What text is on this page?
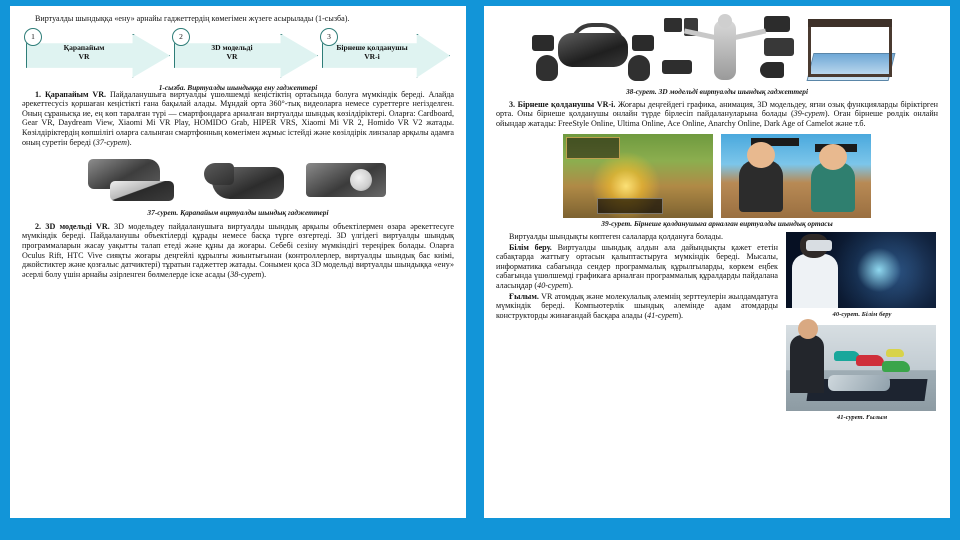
Виртуалды шындыққа «ену» арнайы гаджеттердің көмегімен жүзеге асырылады (1-сызба).

1
Қарапайым
VR
2
3D модельді
VR
3
Бірнеше қолданушы
VR-i
1-сызба. Виртуалды шындыққа ену гаджеттері

1. Қарапайым VR. Пайдаланушыға виртуалды үшөлшемді кеңістіктің ортасында болуға мүмкіндік береді. Алайда әрекеттесусіз қоршаған кеңістікті ғана бақылай алады. Мұндай орта 360°-тық видеоларға немесе суреттерге негізделген. Оның сұранысқа ие, ең көп таралған түрі — смартфондарға арналған виртуалды шындық көзілдіріктері. Оларға: Cardboard, Gear VR, Daydream View, Xiaomi Mi VR Play, HOMIDO Grab, HIPER VRS, Xiaomi Mi VR 2, Homido VR V2 жатады. Көзілдіріктердің көпшілігі оларға салынған смартфонның көмегімен жұмыс істейді және көзілдірік линзалар арқылы адамға оның суретін береді (37-сурет).

37-сурет. Қарапайым виртуалды шындық гаджеттері

2. 3D модельді VR. 3D модельдеу пайдаланушыға виртуалды шындық арқылы объектілермен өзара әрекеттесуге мүмкіндік береді. Пайдаланушы объектілерді құрады немесе басқа түрге өзгертеді. 3D үлгідегі виртуалды шындық программаларын жасау уақытты талап етеді және құны да жоғары. Себебі сезіну мүмкіндігі тереңірек болады. Оларға Oculus Rift, HTC Vive сияқты жоғары деңгейлі құрылғы жиынтығынан (контроллерлер, виртуалды шындық бас киімі, джойстиктер және қозғалыс датчиктері) тұратын гаджеттер жатады. Сонымен қоса 3D модельді виртуалды шындыққа «ену» әсерлі болу үшін арнайы әзірленген бөлмелерде іске асады (38-сурет).

38-сурет. 3D модельді виртуалды шындық гаджеттері

3. Бірнеше қолданушы VR-i. Жоғары деңгейдегі графика, анимация, 3D модельдеу, яғни озық функцияларды біріктірген орта. Оны бірнеше қолданушы онлайн түрде бірлесіп пайдалануларына болады (39-сурет). Оған бірнеше рөлдік онлайн ойындар жатады: FreeStyle Online, Ultima Online, Ace Online, Anarchy Online, Dark Age of Camelot және т.б.

39-сурет. Бірнеше қолданушыға арналған виртуалды шындық ортасы

Виртуалды шындықты көптеген салаларда қолдануға болады.

Білім беру. Виртуалды шындық алдын ала дайындықты қажет ететін сабақтарда жаттығу ортасын қалыптастыруға мүмкіндік береді. Мысалы, информатика сабағында сендер программалық құрылғыларды, көркем еңбек сабағында үшөлшемді графикаға арналған программалық құралдарды пайдалана аласыңдар (40-сурет).

Ғылым. VR атомдық және молекулалық әлемнің зерттеулерін жылдамдатуға мүмкіндік береді. Компьютерлік шындық әлемінде адам атомдарды конструкторды жинағандай басқара алады (41-сурет).	40-сурет. Білім беру
41-сурет. Ғылым
